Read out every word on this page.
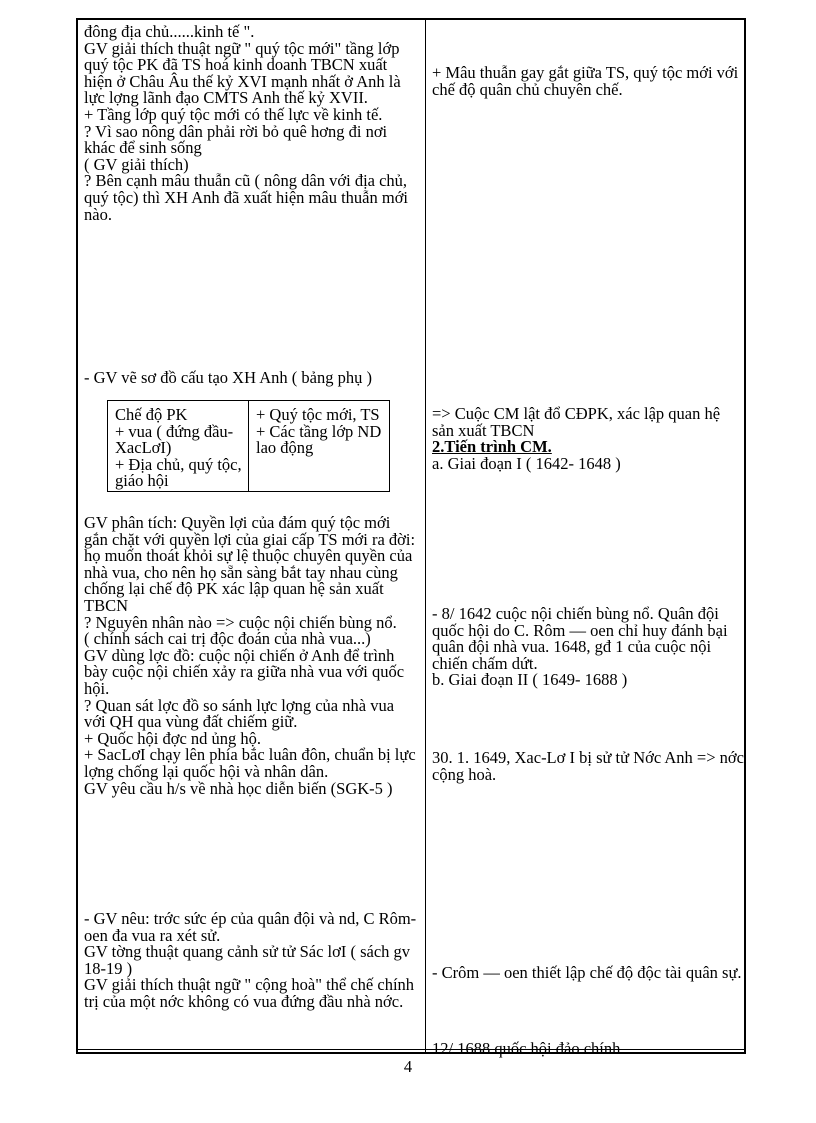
đông địa chủ......kinh tế ".

GV giải thích thuật ngữ " quý tộc mới" tầng lớp quý tộc PK đã TS hoá kinh doanh TBCN xuất hiện ở Châu Âu thế kỷ XVI mạnh nhất ở Anh là lực lợng lãnh đạo CMTS Anh thế kỷ XVII.

+ Tầng lớp quý tộc mới có thế lực về kinh tế.

? Vì sao nông dân phải rời bỏ quê hơng đi nơi khác để sinh sống

( GV giải thích)

? Bên cạnh mâu thuẫn cũ ( nông dân với địa chủ, quý tộc) thì XH Anh đã xuất hiện mâu thuẫn mới nào.

- GV vẽ sơ đồ cấu tạo XH Anh ( bảng phụ )

Chế độ PK

+ vua ( đứng đầu- XacLơI)

+ Địa chủ, quý tộc, giáo hội

+ Quý tộc mới, TS

+ Các tầng lớp ND lao động

GV phân tích: Quyền lợi của đám quý tộc mới gắn chặt với quyền lợi của giai cấp TS mới ra đời: họ muốn thoát khỏi sự lệ thuộc chuyên quyền của nhà vua, cho nên họ sẵn sàng bắt tay nhau cùng chống lại chế độ PK xác lập quan hệ sản xuất TBCN

? Nguyên nhân nào => cuộc nội chiến bùng nổ.

( chính sách cai trị độc đoán của nhà vua...)

GV dùng lợc đồ: cuộc nội chiến ở Anh để trình bày cuộc nội chiến xảy ra giữa nhà vua với quốc hội.

? Quan sát lợc đồ so sánh lực lợng của nhà vua với QH qua vùng đất chiếm giữ.

+ Quốc hội đợc nd ủng hộ.

+ SacLơI chạy lên phía bắc luân đôn, chuẩn bị lực lợng chống lại quốc hội và nhân dân.

GV yêu cầu h/s về nhà học diễn biến (SGK-5 )

- GV nêu: trớc sức ép của quân đội và nd, C Rôm- oen đa vua ra xét sử.

GV tờng thuật quang cảnh sử tử Sác lơI ( sách gv 18-19 )

GV giải thích thuật ngữ " cộng hoà" thể chế chính trị của một nớc không có vua đứng đầu nhà nớc.

+ Mâu thuẫn gay gắt giữa TS, quý tộc mới với chế độ quân chủ chuyên chế.

=> Cuộc CM lật đổ CĐPK, xác lập quan hệ sản xuất TBCN

2.Tiến trình CM.

a. Giai đoạn I ( 1642- 1648 )

- 8/ 1642 cuộc nội chiến bùng nổ. Quân đội quốc hội do C. Rôm — oen chỉ huy đánh bại quân đội nhà vua. 1648, gđ 1 của cuộc nội chiến chấm dứt.

b. Giai đoạn II ( 1649- 1688 )

30. 1. 1649, Xac-Lơ I bị sử tử Nớc Anh => nớc cộng hoà.

- Crôm — oen thiết lập chế độ độc tài quân sự.

12/ 1688 quốc hội đảo chính.

4
